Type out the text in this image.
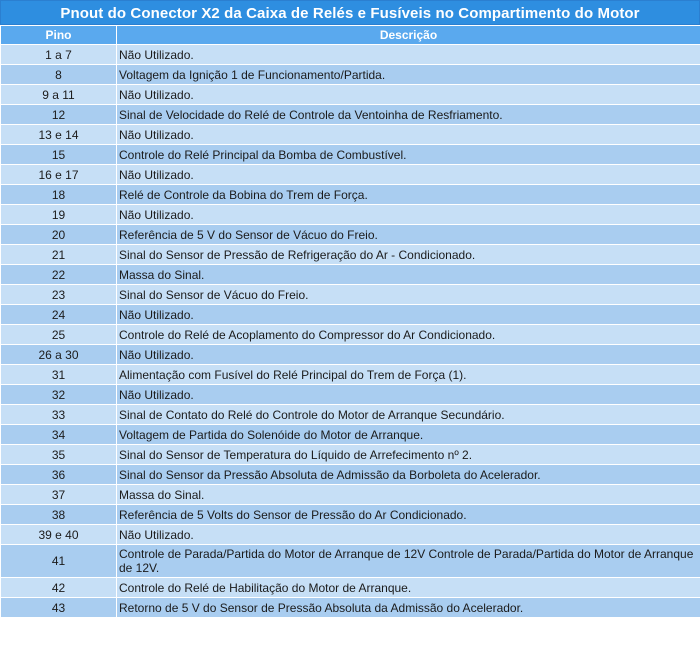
Pnout do Conector X2 da Caixa de Relés e Fusíveis no Compartimento do Motor
Pino	Descrição
1 a 7	Não Utilizado.
8	Voltagem da Ignição 1 de Funcionamento/Partida.
9 a 11	Não Utilizado.
12	Sinal de Velocidade do Relé de Controle da Ventoinha de Resfriamento.
13 e 14	Não Utilizado.
15	Controle do Relé Principal da Bomba de Combustível.
16 e 17	Não Utilizado.
18	Relé de Controle da Bobina do Trem de Força.
19	Não Utilizado.
20	Referência de 5 V do Sensor de Vácuo do Freio.
21	Sinal do Sensor de Pressão de Refrigeração do Ar - Condicionado.
22	Massa do Sinal.
23	Sinal do Sensor de Vácuo do Freio.
24	Não Utilizado.
25	Controle do Relé de Acoplamento do Compressor do Ar Condicionado.
26 a 30	Não Utilizado.
31	Alimentação com Fusível do Relé Principal do Trem de Força (1).
32	Não Utilizado.
33	Sinal de Contato do Relé do Controle do Motor de Arranque Secundário.
34	Voltagem de Partida do Solenóide do Motor de Arranque.
35	Sinal do Sensor de Temperatura do Líquido de Arrefecimento nº 2.
36	Sinal do Sensor da Pressão Absoluta de Admissão da Borboleta do Acelerador.
37	Massa do Sinal.
38	Referência de 5 Volts do Sensor de Pressão do Ar Condicionado.
39 e 40	Não Utilizado.
41	Controle de Parada/Partida do Motor de Arranque de 12V Controle de Parada/Partida do Motor de Arranque de 12V.
42	Controle do Relé de Habilitação do Motor de Arranque.
43	Retorno de 5 V do Sensor de Pressão Absoluta da Admissão do Acelerador.
